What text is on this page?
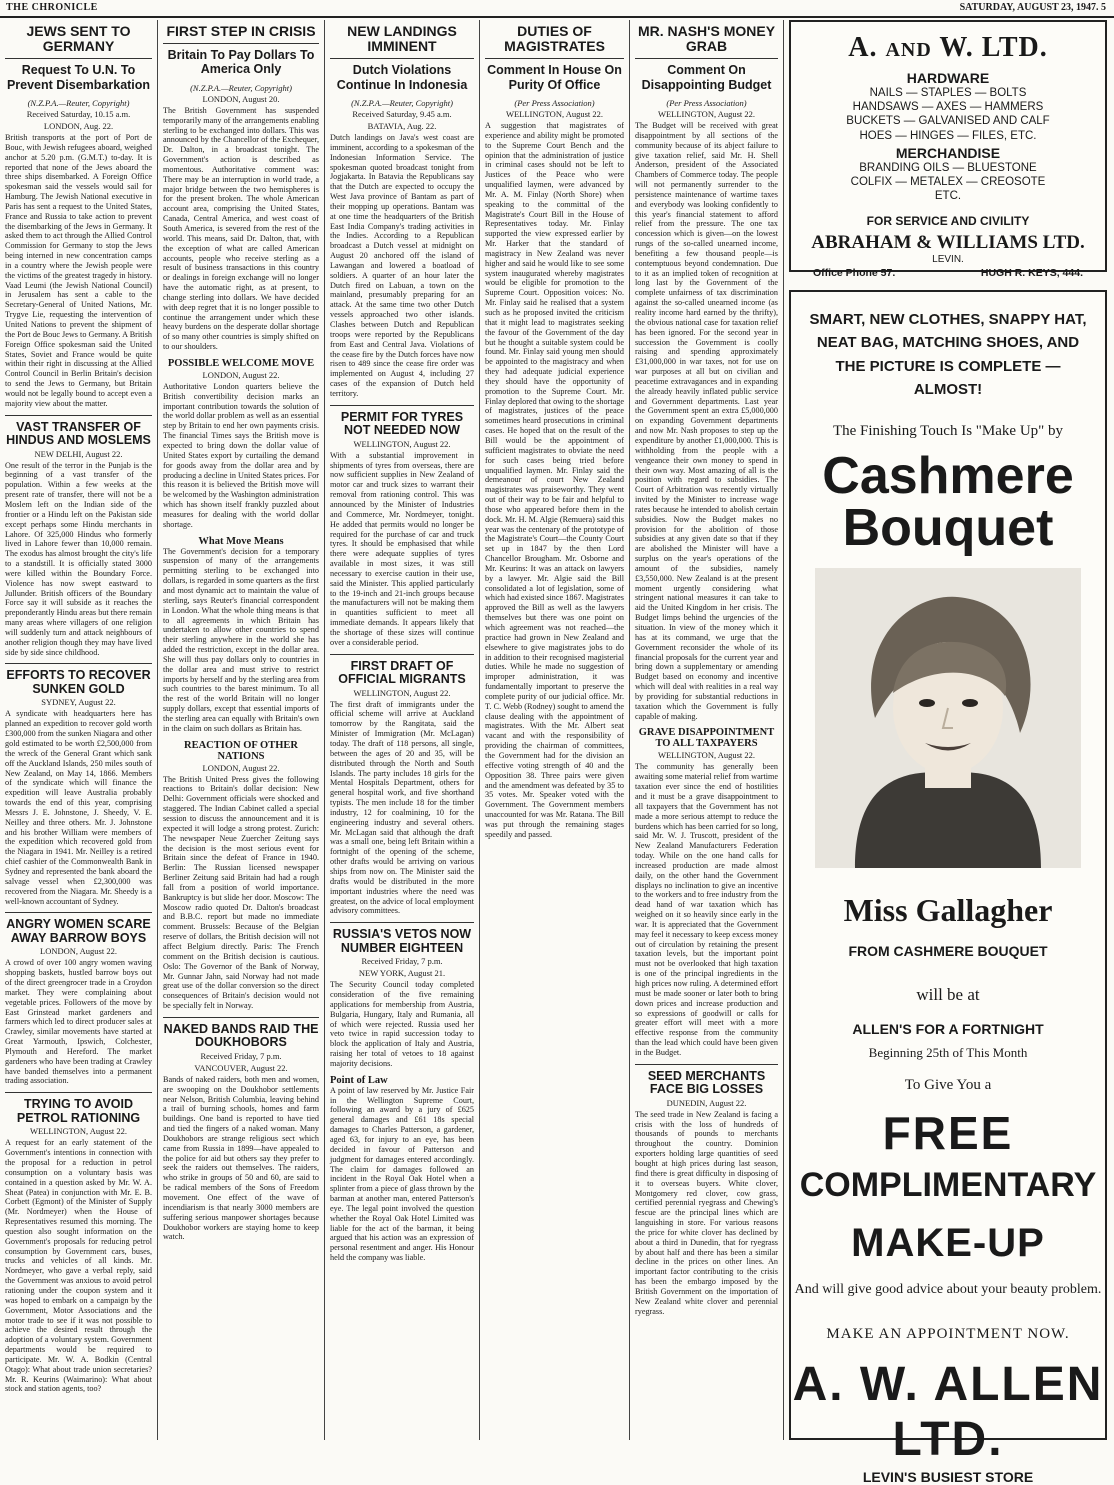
THE CHRONICLE	SATURDAY, AUGUST 23, 1947. 5
JEWS SENT TO GERMANY
Request To U.N. To Prevent Disembarkation
(N.Z.P.A.—Reuter, Copyright)
Received Saturday, 10.15 a.m.
LONDON, Aug. 22.

British transports at the port of Port de Bouc, with Jewish refugees aboard, weighed anchor at 5.20 p.m. (G.M.T.) to-day. It is reported that none of the Jews aboard the three ships disembarked. A Foreign Office spokesman said the vessels would sail for Hamburg. The Jewish National executive in Paris has sent a request to the United States, France and Russia to take action to prevent the disembarking of the Jews in Germany. It asked them to act through the Allied Control Commission for Germany to stop the Jews being interned in new concentration camps in a country where the Jewish people were the victims of the greatest tragedy in history. Vaad Leumi (the Jewish National Council) in Jerusalem has sent a cable to the Secretary-General of United Nations, Mr. Trygve Lie, requesting the intervention of United Nations to prevent the shipment of the Port de Bouc Jews to Germany. A British Foreign Office spokesman said the United States, Soviet and France would be quite within their right in discussing at the Allied Control Council in Berlin Britain's decision to send the Jews to Germany, but Britain would not be legally bound to accept even a majority view about the matter.

VAST TRANSFER OF HINDUS AND MOSLEMS
NEW DELHI, August 22.

One result of the terror in the Punjab is the beginning of a vast transfer of the population. Within a few weeks at the present rate of transfer, there will not be a Moslem left on the Indian side of the frontier or a Hindu left on the Pakistan side except perhaps some Hindu merchants in Lahore. Of 325,000 Hindus who formerly lived in Lahore fewer than 10,000 remain. The exodus has almost brought the city's life to a standstill. It is officially stated 3000 were killed within the Boundary Force. Violence has now swept eastward to Jullunder. British officers of the Boundary Force say it will subside as it reaches the preponderantly Hindu areas but there remain many areas where villagers of one religion will suddenly turn and attack neighbours of another religion though they may have lived side by side since childhood.

EFFORTS TO RECOVER SUNKEN GOLD
SYDNEY, August 22.

A syndicate with headquarters here has planned an expedition to recover gold worth £300,000 from the sunken Niagara and other gold estimated to be worth £2,500,000 from the wreck of the General Grant which sank off the Auckland Islands, 250 miles south of New Zealand, on May 14, 1866. Members of the syndicate which will finance the expedition will leave Australia probably towards the end of this year, comprising Messrs J. E. Johnstone, J. Sheedy, V. E. Neilley and three others. Mr. J. Johnstone and his brother William were members of the expedition which recovered gold from the Niagara in 1941. Mr. Neilley is a retired chief cashier of the Commonwealth Bank in Sydney and represented the bank aboard the salvage vessel when £2,300,000 was recovered from the Niagara. Mr. Sheedy is a well-known accountant of Sydney.

ANGRY WOMEN SCARE AWAY BARROW BOYS
LONDON, August 22.

A crowd of over 100 angry women waving shopping baskets, hustled barrow boys out of the direct greengrocer trade in a Croydon market. They were complaining about vegetable prices. Followers of the move by East Grinstead market gardeners and farmers which led to direct producer sales at Crawley, similar movements have started at Great Yarmouth, Ipswich, Colchester, Plymouth and Hereford. The market gardeners who have been trading at Crawley have banded themselves into a permanent trading association.

TRYING TO AVOID PETROL RATIONING
WELLINGTON, August 22.

A request for an early statement of the Government's intentions in connection with the proposal for a reduction in petrol consumption on a voluntary basis was contained in a question asked by Mr. W. A. Sheat (Patea) in conjunction with Mr. E. B. Corbett (Egmont) of the Minister of Supply (Mr. Nordmeyer) when the House of Representatives resumed this morning. The question also sought information on the Government's proposals for reducing petrol consumption by Government cars, buses, trucks and vehicles of all kinds. Mr. Nordmeyer, who gave a verbal reply, said the Government was anxious to avoid petrol rationing under the coupon system and it was hoped to embark on a campaign by the Government, Motor Associations and the motor trade to see if it was not possible to achieve the desired result through the adoption of a voluntary system. Government departments would be required to participate. Mr. W. A. Bodkin (Central Otago): What about trade union secretaries? Mr. R. Keurins (Waimarino): What about stock and station agents, too?

FIRST STEP IN CRISIS
Britain To Pay Dollars To America Only
(N.Z.P.A.—Reuter, Copyright)
LONDON, August 20.

The British Government has suspended temporarily many of the arrangements enabling sterling to be exchanged into dollars. This was announced by the Chancellor of the Exchequer, Dr. Dalton, in a broadcast tonight. The Government's action is described as momentous. Authoritative comment was: There may be an interruption in world trade, a major bridge between the two hemispheres is for the present broken. The whole American account area, comprising the United States, Canada, Central America, and west coast of South America, is severed from the rest of the world. This means, said Dr. Dalton, that, with the exception of what are called American accounts, people who receive sterling as a result of business transactions in this country or dealings in foreign exchange will no longer have the automatic right, as at present, to change sterling into dollars. We have decided with deep regret that it is no longer possible to continue the arrangement under which these heavy burdens on the desperate dollar shortage of so many other countries is simply shifted on to our shoulders.

POSSIBLE WELCOME MOVE
LONDON, August 22.

Authoritative London quarters believe the British convertibility decision marks an important contribution towards the solution of the world dollar problem as well as an essential step by Britain to end her own payments crisis. The financial Times says the British move is expected to bring down the dollar value of United States export by curtailing the demand for goods away from the dollar area and by producing a decline in United States prices. For this reason it is believed the British move will be welcomed by the Washington administration which has shown itself frankly puzzled about measures for dealing with the world dollar shortage.

What Move Means

The Government's decision for a temporary suspension of many of the arrangements permitting sterling to be exchanged into dollars, is regarded in some quarters as the first and most dynamic act to maintain the value of sterling, says Reuter's financial correspondent in London. What the whole thing means is that to all agreements in which Britain has undertaken to allow other countries to spend their sterling anywhere in the world she has added the restriction, except in the dollar area. She will thus pay dollars only to countries in the dollar area and must strive to restrict imports by herself and by the sterling area from such countries to the barest minimum. To all the rest of the world Britain will no longer supply dollars, except that essential imports of the sterling area can equally with Britain's own in the claim on such dollars as Britain has.

REACTION OF OTHER NATIONS
LONDON, August 22.

The British United Press gives the following reactions to Britain's dollar decision: New Delhi: Government officials were shocked and staggered. The Indian Cabinet called a special session to discuss the announcement and it is expected it will lodge a strong protest. Zurich: The newspaper Neue Zuercher Zeitung says the decision is the most serious event for Britain since the defeat of France in 1940. Berlin: The Russian licensed newspaper Berliner Zeitung said Britain had had a rough fall from a position of world importance. Bankruptcy is but slide her door. Moscow: The Moscow radio quoted Dr. Dalton's broadcast and B.B.C. report but made no immediate comment. Brussels: Because of the Belgian reserve of dollars, the British decision will not affect Belgium directly. Paris: The French comment on the British decision is cautious. Oslo: The Governor of the Bank of Norway, Mr. Gunnar Jahn, said Norway had not made great use of the dollar conversion so the direct consequences of Britain's decision would not be specially felt in Norway.

NAKED BANDS RAID THE DOUKHOBORS
Received Friday, 7 p.m.
VANCOUVER, August 22.

Bands of naked raiders, both men and women, are swooping on the Doukhobor settlements near Nelson, British Columbia, leaving behind a trail of burning schools, homes and farm buildings. One band is reported to have tied and tied the fingers of a naked woman. Many Doukhobors are strange religious sect which came from Russia in 1899—have appealed to the police for aid but others say they prefer to seek the raiders out themselves. The raiders, who strike in groups of 50 and 60, are said to be radical members of the Sons of Freedom movement. One effect of the wave of incendiarism is that nearly 3000 members are suffering serious manpower shortages because Doukhobor workers are staying home to keep watch.

NEW LANDINGS IMMINENT
Dutch Violations Continue In Indonesia
(N.Z.P.A.—Reuter, Copyright)
Received Saturday, 9.45 a.m.
BATAVIA, Aug. 22.

Dutch landings on Java's west coast are imminent, according to a spokesman of the Indonesian Information Service. The spokesman quoted broadcast tonight from Jogjakarta. In Batavia the Republicans say that the Dutch are expected to occupy the West Java province of Bantam as part of their mopping up operations. Bantam was at one time the headquarters of the British East India Company's trading activities in the Indies. According to a Republican broadcast a Dutch vessel at midnight on August 20 anchored off the island of Lawangan and lowered a boatload of soldiers. A quarter of an hour later the Dutch fired on Labuan, a town on the mainland, presumably preparing for an attack. At the same time two other Dutch vessels approached two other islands. Clashes between Dutch and Republican troops were reported by the Republicans from East and Central Java. Violations of the cease fire by the Dutch forces have now risen to 489 since the cease fire order was implemented on August 4, including 27 cases of the expansion of Dutch held territory.

PERMIT FOR TYRES NOT NEEDED NOW
WELLINGTON, August 22.

With a substantial improvement in shipments of tyres from overseas, there are now sufficient supplies in New Zealand of motor car and truck sizes to warrant their removal from rationing control. This was announced by the Minister of Industries and Commerce, Mr. Nordmeyer, tonight. He added that permits would no longer be required for the purchase of car and truck tyres. It should be emphasised that while there were adequate supplies of tyres available in most sizes, it was still necessary to exercise caution in their use, said the Minister. This applied particularly to the 19-inch and 21-inch groups because the manufacturers will not be making them in quantities sufficient to meet all immediate demands. It appears likely that the shortage of these sizes will continue over a considerable period.

FIRST DRAFT OF OFFICIAL MIGRANTS
WELLINGTON, August 22.

The first draft of immigrants under the official scheme will arrive at Auckland tomorrow by the Rangitata, said the Minister of Immigration (Mr. McLagan) today. The draft of 118 persons, all single, between the ages of 20 and 35, will be distributed through the North and South Islands. The party includes 18 girls for the Mental Hospitals Department, others for general hospital work, and five shorthand typists. The men include 18 for the timber industry, 12 for coalmining, 10 for the engineering industry and several others. Mr. McLagan said that although the draft was a small one, being left Britain within a fortnight of the opening of the scheme, other drafts would be arriving on various ships from now on. The Minister said the drafts would be distributed in the more important industries where the need was greatest, on the advice of local employment advisory committees.

RUSSIA'S VETOS NOW NUMBER EIGHTEEN
Received Friday, 7 p.m.
NEW YORK, August 21.

The Security Council today completed consideration of the five remaining applications for membership from Austria, Bulgaria, Hungary, Italy and Rumania, all of which were rejected. Russia used her veto twice in rapid succession today to block the application of Italy and Austria, raising her total of vetoes to 18 against majority decisions.

Point of Law

A point of law reserved by Mr. Justice Fair in the Wellington Supreme Court, following an award by a jury of £625 general damages and £61 18s special damages to Charles Patterson, a gardener, aged 63, for injury to an eye, has been decided in favour of Patterson and judgment for damages entered accordingly. The claim for damages followed an incident in the Royal Oak Hotel when a splinter from a piece of glass thrown by the barman at another man, entered Patterson's eye. The legal point involved the question whether the Royal Oak Hotel Limited was liable for the act of the barman, it being argued that his action was an expression of personal resentment and anger. His Honour held the company was liable.

DUTIES OF MAGISTRATES
Comment In House On Purity Of Office
(Per Press Association)
WELLINGTON, August 22.

A suggestion that magistrates of experience and ability might be promoted to the Supreme Court Bench and the opinion that the administration of justice in criminal cases should not be left to Justices of the Peace who were unqualified laymen, were advanced by Mr. A. M. Finlay (North Shore) when speaking to the committal of the Magistrate's Court Bill in the House of Representatives today. Mr. Finlay supported the view expressed earlier by Mr. Harker that the standard of magistracy in New Zealand was never higher and said he would like to see some system inaugurated whereby magistrates would be eligible for promotion to the Supreme Court. Opposition voices: No. Mr. Finlay said he realised that a system such as he proposed invited the criticism that it might lead to magistrates seeking the favour of the Government of the day but he thought a suitable system could be found. Mr. Finlay said young men should be appointed to the magistracy and when they had adequate judicial experience they should have the opportunity of promotion to the Supreme Court. Mr. Finlay deplored that owing to the shortage of magistrates, justices of the peace sometimes heard prosecutions in criminal cases. He hoped that on the result of the Bill would be the appointment of sufficient magistrates to obviate the need for such cases being tried before unqualified laymen. Mr. Finlay said the demeanour of court New Zealand magistrates was praiseworthy. They went out of their way to be fair and helpful to those who appeared before them in the dock. Mr. H. M. Algie (Remuera) said this year was the centenary of the prototype of the Magistrate's Court—the County Court set up in 1847 by the then Lord Chancellor Brougham. Mr. Osborne and Mr. Keurins: It was an attack on lawyers by a lawyer. Mr. Algie said the Bill consolidated a lot of legislation, some of which had existed since 1867. Magistrates approved the Bill as well as the lawyers themselves but there was one point on which agreement was not reached—the practice had grown in New Zealand and elsewhere to give magistrates jobs to do in addition to their recognised magisterial duties. While he made no suggestion of improper administration, it was fundamentally important to preserve the complete purity of our judicial office. Mr. T. C. Webb (Rodney) sought to amend the clause dealing with the appointment of magistrates. With the Mr. Albert seat vacant and with the responsibility of providing the chairman of committees, the Government had for the division an effective voting strength of 40 and the Opposition 38. Three pairs were given and the amendment was defeated by 35 to 35 votes. Mr. Speaker voted with the Government. The Government members unaccounted for was Mr. Ratana. The Bill was put through the remaining stages speedily and passed.

MR. NASH'S MONEY GRAB
Comment On Disappointing Budget
(Per Press Association)
WELLINGTON, August 22.

The Budget will be received with great disappointment by all sections of the community because of its abject failure to give taxation relief, said Mr. H. Shell Anderson, president of the Associated Chambers of Commerce today. The people will not permanently surrender to the persistence maintenance of wartime taxes and everybody was looking confidently to this year's financial statement to afford relief from the pressure. The one tax concession which is given—on the lowest rungs of the so-called unearned income, benefiting a few thousand people—is contemptuous beyond condemnation. Due to it as an implied token of recognition at long last by the Government of the complete unfairness of tax discrimination against the so-called unearned income (as reality income hard earned by the thrifty), the obvious national case for taxation relief has been ignored. For the second year in succession the Government is coolly raising and spending approximately £31,000,000 in war taxes, not for use on war purposes at all but on civilian and peacetime extravagances and in expanding the already heavily inflated public service and Government departments. Last year the Government spent an extra £5,000,000 on expanding Government departments and now Mr. Nash proposes to step up the expenditure by another £1,000,000. This is withholding from the people with a vengeance their own money to spend in their own way. Most amazing of all is the position with regard to subsidies. The Court of Arbitration was recently virtually invited by the Minister to increase wage rates because he intended to abolish certain subsidies. Now the Budget makes no provision for the abolition of those subsidies at any given date so that if they are abolished the Minister will have a surplus on the year's operations of the amount of the subsidies, namely £3,550,000. New Zealand is at the present moment urgently considering what stringent national measures it can take to aid the United Kingdom in her crisis. The Budget limps behind the urgencies of the situation. In view of the money which it has at its command, we urge that the Government reconsider the whole of its financial proposals for the current year and bring down a supplementary or amending Budget based on economy and incentive which will deal with realities in a real way by providing for substantial reductions in taxation which the Government is fully capable of making.

GRAVE DISAPPOINTMENT TO ALL TAXPAYERS
WELLINGTON, August 22.

The community has generally been awaiting some material relief from wartime taxation ever since the end of hostilities and it must be a grave disappointment to all taxpayers that the Government has not made a more serious attempt to reduce the burdens which has been carried for so long, said Mr. W. J. Truscott, president of the New Zealand Manufacturers Federation today. While on the one hand calls for increased production are made almost daily, on the other hand the Government displays no inclination to give an incentive to the workers and to free industry from the dead hand of war taxation which has weighed on it so heavily since early in the war. It is appreciated that the Government may feel it necessary to keep excess money out of circulation by retaining the present taxation levels, but the important point must not be overlooked that high taxation is one of the principal ingredients in the high prices now ruling. A determined effort must be made sooner or later both to bring down prices and increase production and so expressions of goodwill or calls for greater effort will meet with a more effective response from the community than the lead which could have been given in the Budget.

SEED MERCHANTS FACE BIG LOSSES
DUNEDIN, August 22.

The seed trade in New Zealand is facing a crisis with the loss of hundreds of thousands of pounds to merchants throughout the country. Dominion exporters holding large quantities of seed bought at high prices during last season, find there is great difficulty in disposing of it to overseas buyers. White clover, Montgomery red clover, cow grass, certified perennial ryegrass and Chewing's fescue are the principal lines which are languishing in store. For various reasons the price for white clover has declined by about a third in Dunedin, that for ryegrass by about half and there has been a similar decline in the prices on other lines. An important factor contributing to the crisis has been the embargo imposed by the British Government on the importation of New Zealand white clover and perennial ryegrass.

A. AND W. LTD.
HARDWARE
NAILS — STAPLES — BOLTS
HANDSAWS — AXES — HAMMERS
BUCKETS — GALVANISED AND CALF
HOES — HINGES — FILES, ETC.
MERCHANDISE
BRANDING OILS — BLUESTONE
COLFIX — METALEX — CREOSOTE
ETC.
FOR SERVICE AND CIVILITY
ABRAHAM & WILLIAMS LTD.
LEVIN.
Office Phone 57.	HUGH R. KEYS, 444.
SMART, NEW CLOTHES, SNAPPY HAT, NEAT BAG, MATCHING SHOES, AND THE PICTURE IS COMPLETE — ALMOST!
The Finishing Touch Is "Make Up" by
Cashmere
Bouquet
Miss Gallagher
FROM CASHMERE BOUQUET
will be at
ALLEN'S FOR A FORTNIGHT
Beginning 25th of This Month
To Give You a
FREE
COMPLIMENTARY
MAKE-UP
And will give good advice about your beauty problem.
MAKE AN APPOINTMENT NOW.
A. W. ALLEN LTD.
LEVIN'S BUSIEST STORE
